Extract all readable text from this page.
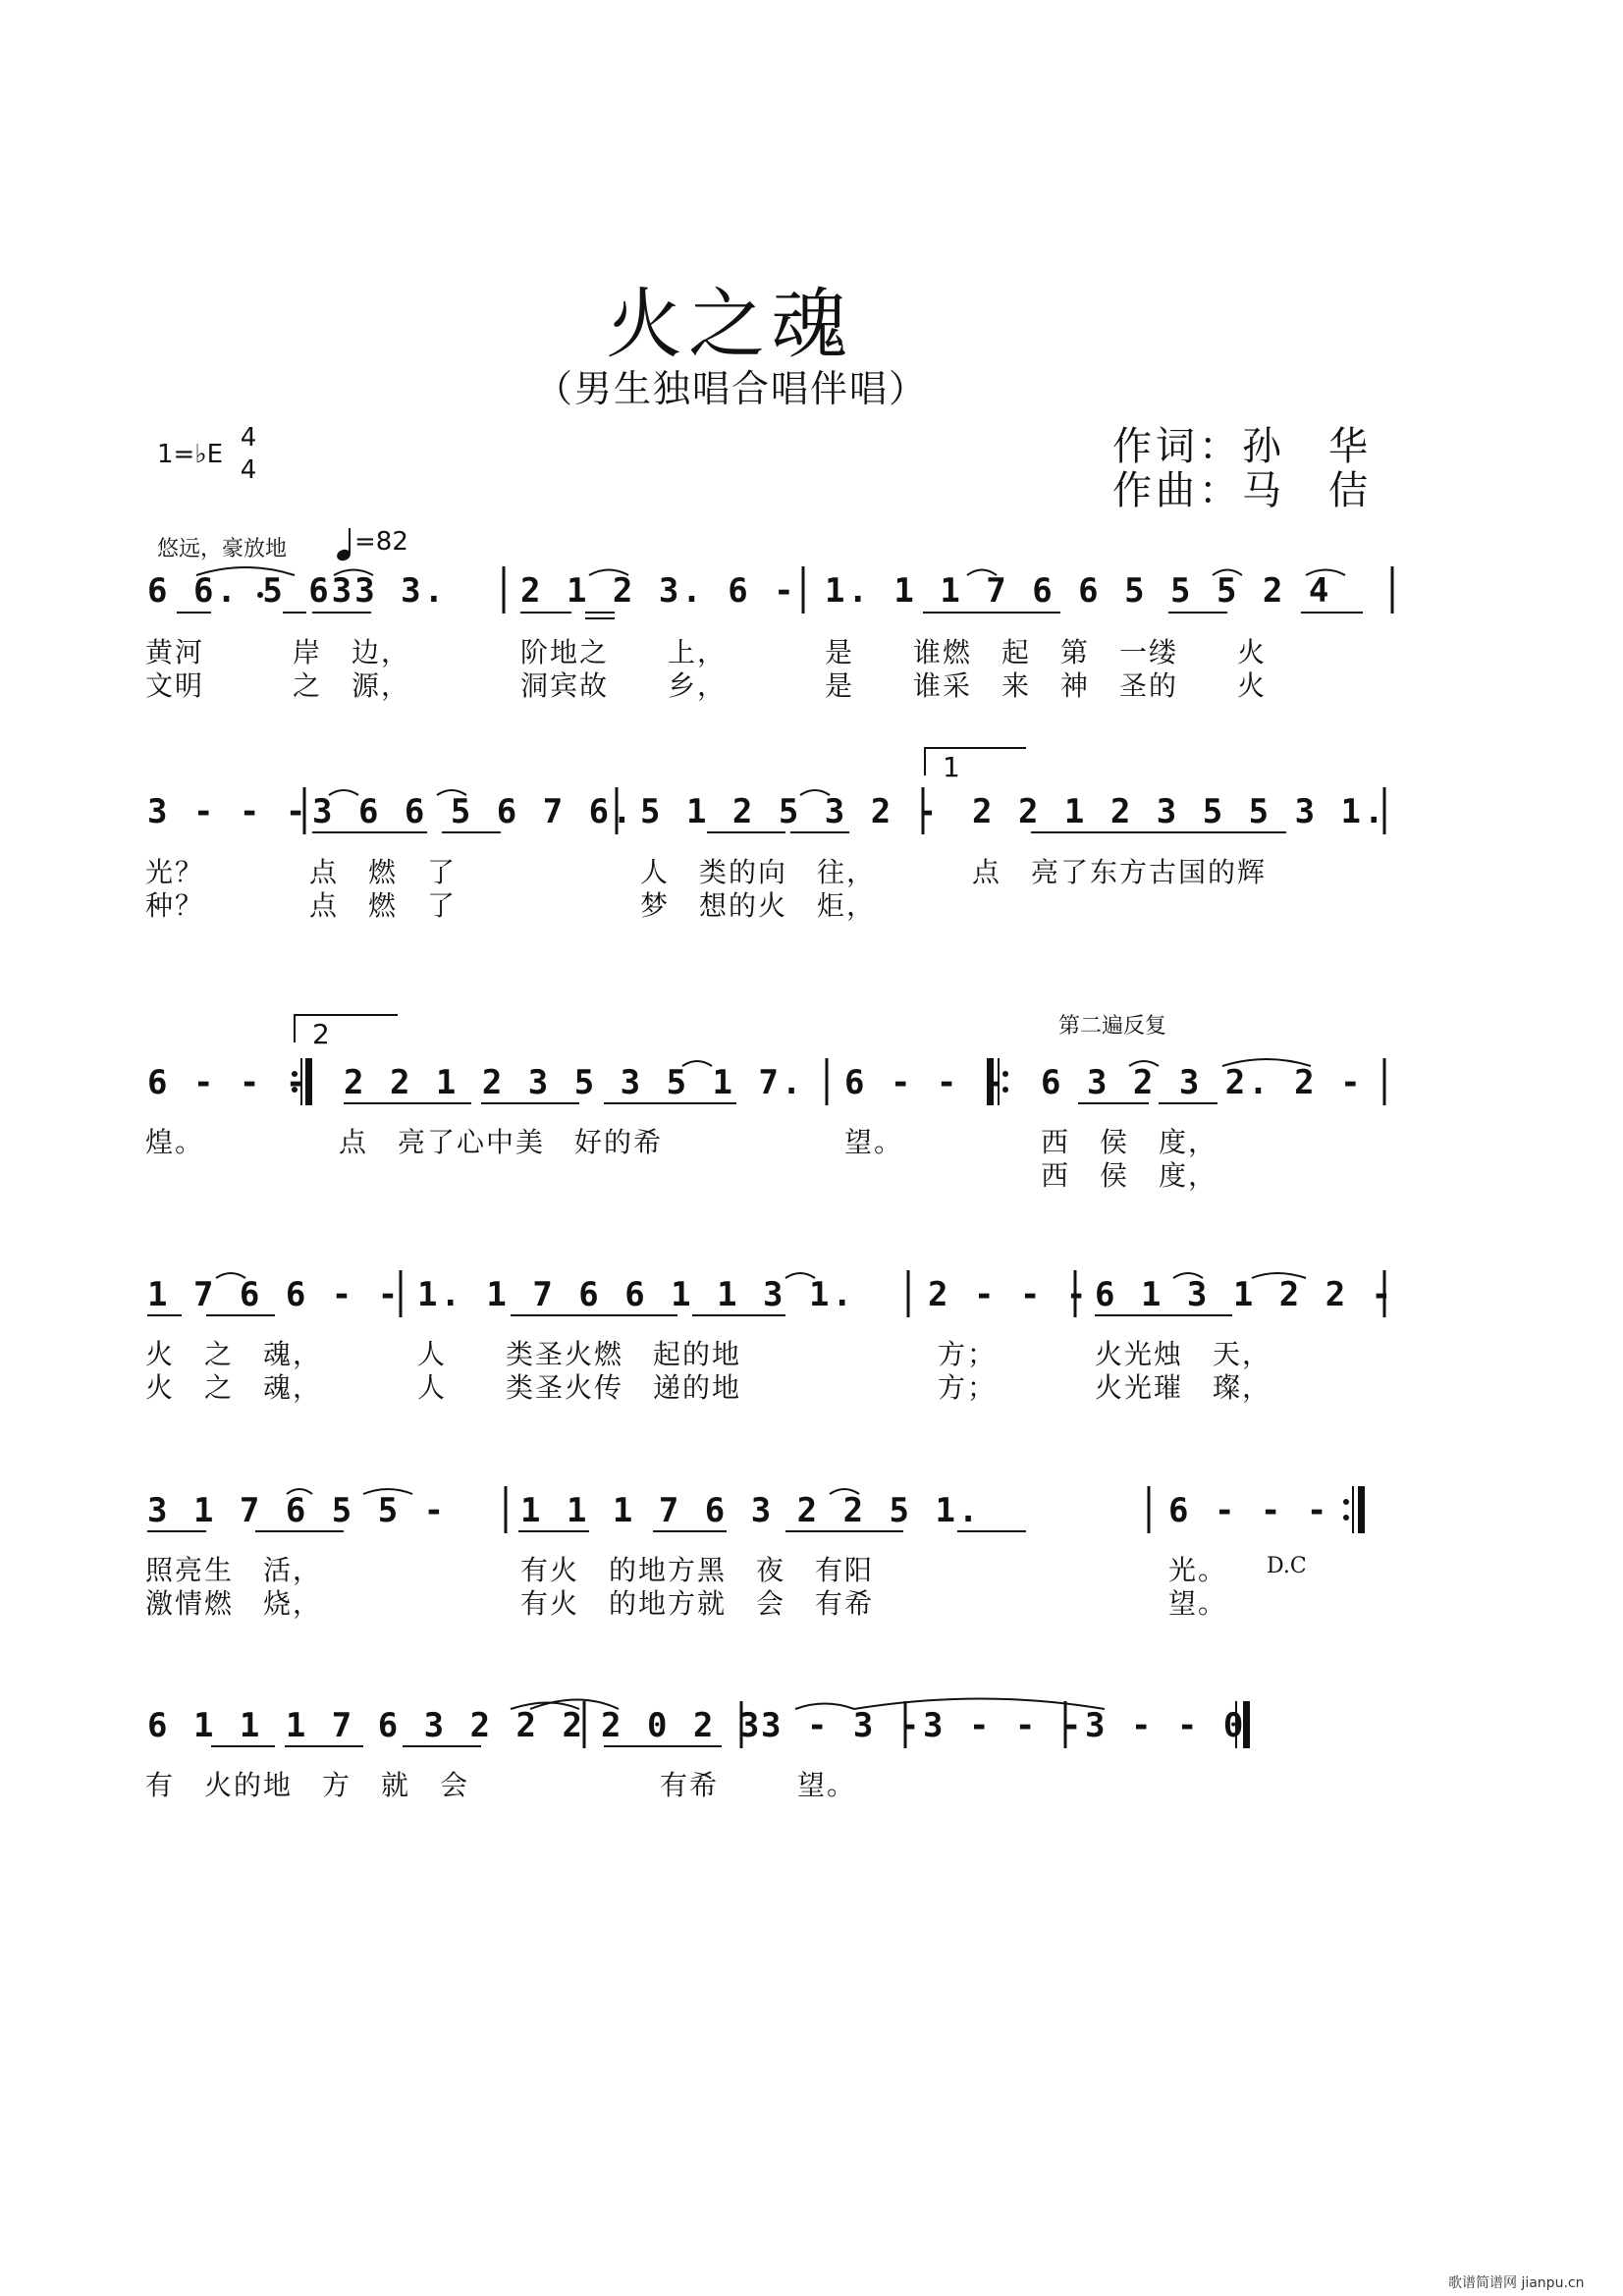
火之魂
（男生独唱合唱伴唱）
作词：孙　华
作曲：马　佶
1=♭E
4
4
悠远，豪放地	=82
1
2	第二遍反复
6 6. 5 633 3. 2 1 2 3. 6 - 1. 1 1 7 6 6 5 5 5 2 4
黄河　　　岸　边，	阶地之　　上，	是　　谁燃　起　第　一缕　　火
文明　　　之　源，	洞宾故　　乡，	是　　谁采　来　神　圣的　　火
3 - - - 3 6 6 5 6 7 6. 5 1 2 5 3 2 - 2 2 1 2 3 5 5 3 1.
光？	点　燃　了	人　类的向　往，	点　亮了东方古国的辉
种？	点　燃　了	梦　想的火　炬，
6 - - - 2 2 1 2 3 5 3 5 1 7. 6 - - - 6 3 2 3 2. 2 -
煌。	点　亮了心中美　好的希	望。	西　侯　度，
西　侯　度，
1 7 6 6 - - 1. 1 7 6 6 1 1 3 1. 2 - - - 6 1 3 1 2 2 -
火　之　魂，	人　　类圣火燃　起的地	方；	火光烛　天，
火　之　魂，	人　　类圣火传　递的地	方；	火光璀　璨，
3 1 7 6 5 5 - 1 1 1 7 6 3 2 2 5 1.	6 - - -
照亮生　活，	有火　的地方黑　夜　有阳	光。 D.C
激情燃　烧，	有火　的地方就　会　有希	望。
6 1 1 1 7 6 3 2 2 2 2 0 2 3
3 - 3 - 3 - - - 3 - - 0
有　火的地　方　就　会	有希	望。
歌谱简谱网 jianpu.cn
